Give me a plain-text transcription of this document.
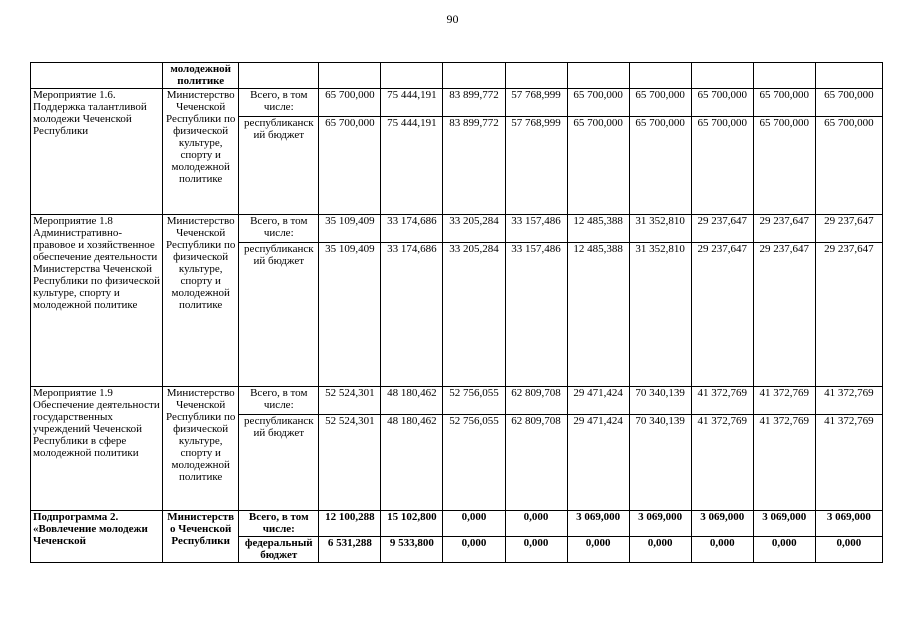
90
	молодежной политике										
Мероприятие 1.6. Поддержка талантливой молодежи Чеченской Республики	Министерство Чеченской Республики по физической культуре, спорту и молодежной политике	Всего, в том числе:	65 700,000	75 444,191	83 899,772	57 768,999	65 700,000	65 700,000	65 700,000	65 700,000	65 700,000
		республиканский бюджет	65 700,000	75 444,191	83 899,772	57 768,999	65 700,000	65 700,000	65 700,000	65 700,000	65 700,000
Мероприятие 1.8 Административно-правовое и хозяйственное обеспечение деятельности Министерства Чеченской Республики по физической культуре, спорту и молодежной политике	Министерство Чеченской Республики по физической культуре, спорту и молодежной политике	Всего, в том числе:	35 109,409	33 174,686	33 205,284	33 157,486	12 485,388	31 352,810	29 237,647	29 237,647	29 237,647
		республиканский бюджет	35 109,409	33 174,686	33 205,284	33 157,486	12 485,388	31 352,810	29 237,647	29 237,647	29 237,647
Мероприятие 1.9 Обеспечение деятельности государственных учреждений Чеченской Республики в сфере молодежной политики	Министерство Чеченской Республики по физической культуре, спорту и молодежной политике	Всего, в том числе:	52 524,301	48 180,462	52 756,055	62 809,708	29 471,424	70 340,139	41 372,769	41 372,769	41 372,769
		республиканский бюджет	52 524,301	48 180,462	52 756,055	62 809,708	29 471,424	70 340,139	41 372,769	41 372,769	41 372,769
Подпрограмма 2. «Вовлечение молодежи Чеченской	Министерство Чеченской Республики	Всего, в том числе:	12 100,288	15 102,800	0,000	0,000	3 069,000	3 069,000	3 069,000	3 069,000	3 069,000
		федеральный бюджет	6 531,288	9 533,800	0,000	0,000	0,000	0,000	0,000	0,000	0,000
